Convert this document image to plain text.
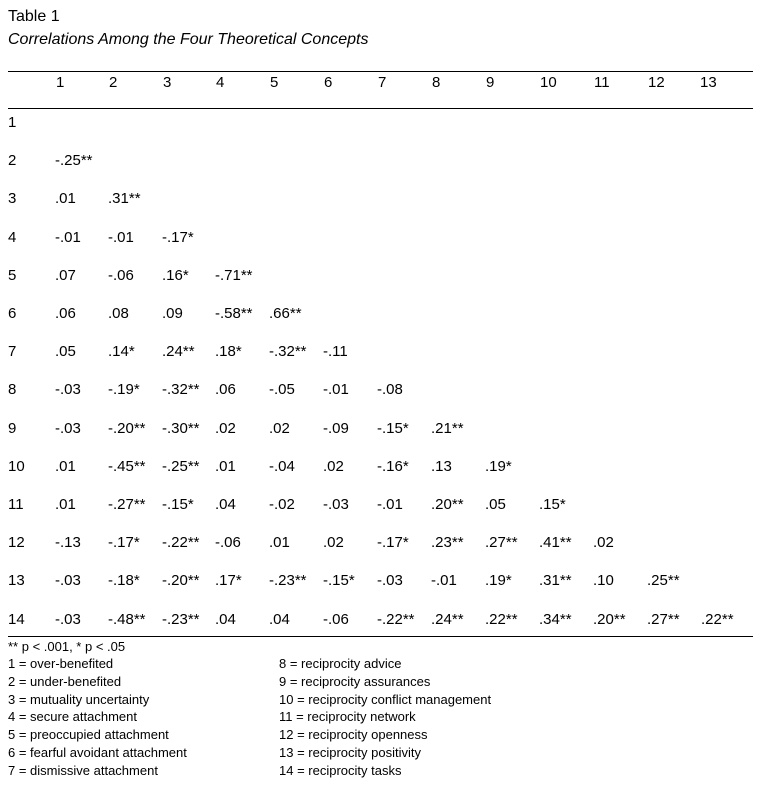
Table 1
Correlations Among the Four Theoretical Concepts
1	2	3	4	5	6	7	8	9	10 11	12 13
1
2	-.25**
3	.01 .31**
4	-.01 -.01 -.17*
5	.07 -.06 .16* -.71**
6	.06 .08 .09 -.58** .66**
7	.05 .14* .24** .18* -.32** -.11
8	-.03 -.19* -.32** .06 -.05 -.01 -.08
9	-.03 -.20** -.30** .02 .02 -.09 -.15* .21**
10 .01 -.45** -.25** .01 -.04 .02 -.16* .13 .19*
11 .01 -.27** -.15* .04 -.02 -.03 -.01 .20** .05 .15*
12 -.13 -.17* -.22** -.06 .01 .02 -.17* .23** .27** .41** .02
13 -.03 -.18* -.20** .17* -.23** -.15* -.03 -.01 .19* .31** .10 .25**
14 -.03 -.48** -.23** .04 .04 -.06 -.22** .24** .22** .34** .20** .27** .22**
** p < .001, * p < .05
1 = over-benefited
2 = under-benefited
3 = mutuality uncertainty
4 = secure attachment
5 = preoccupied attachment
6 = fearful avoidant attachment
7 = dismissive attachment
8 = reciprocity advice
9 = reciprocity assurances
10 = reciprocity conflict management
11 = reciprocity network
12 = reciprocity openness
13 = reciprocity positivity
14 = reciprocity tasks
